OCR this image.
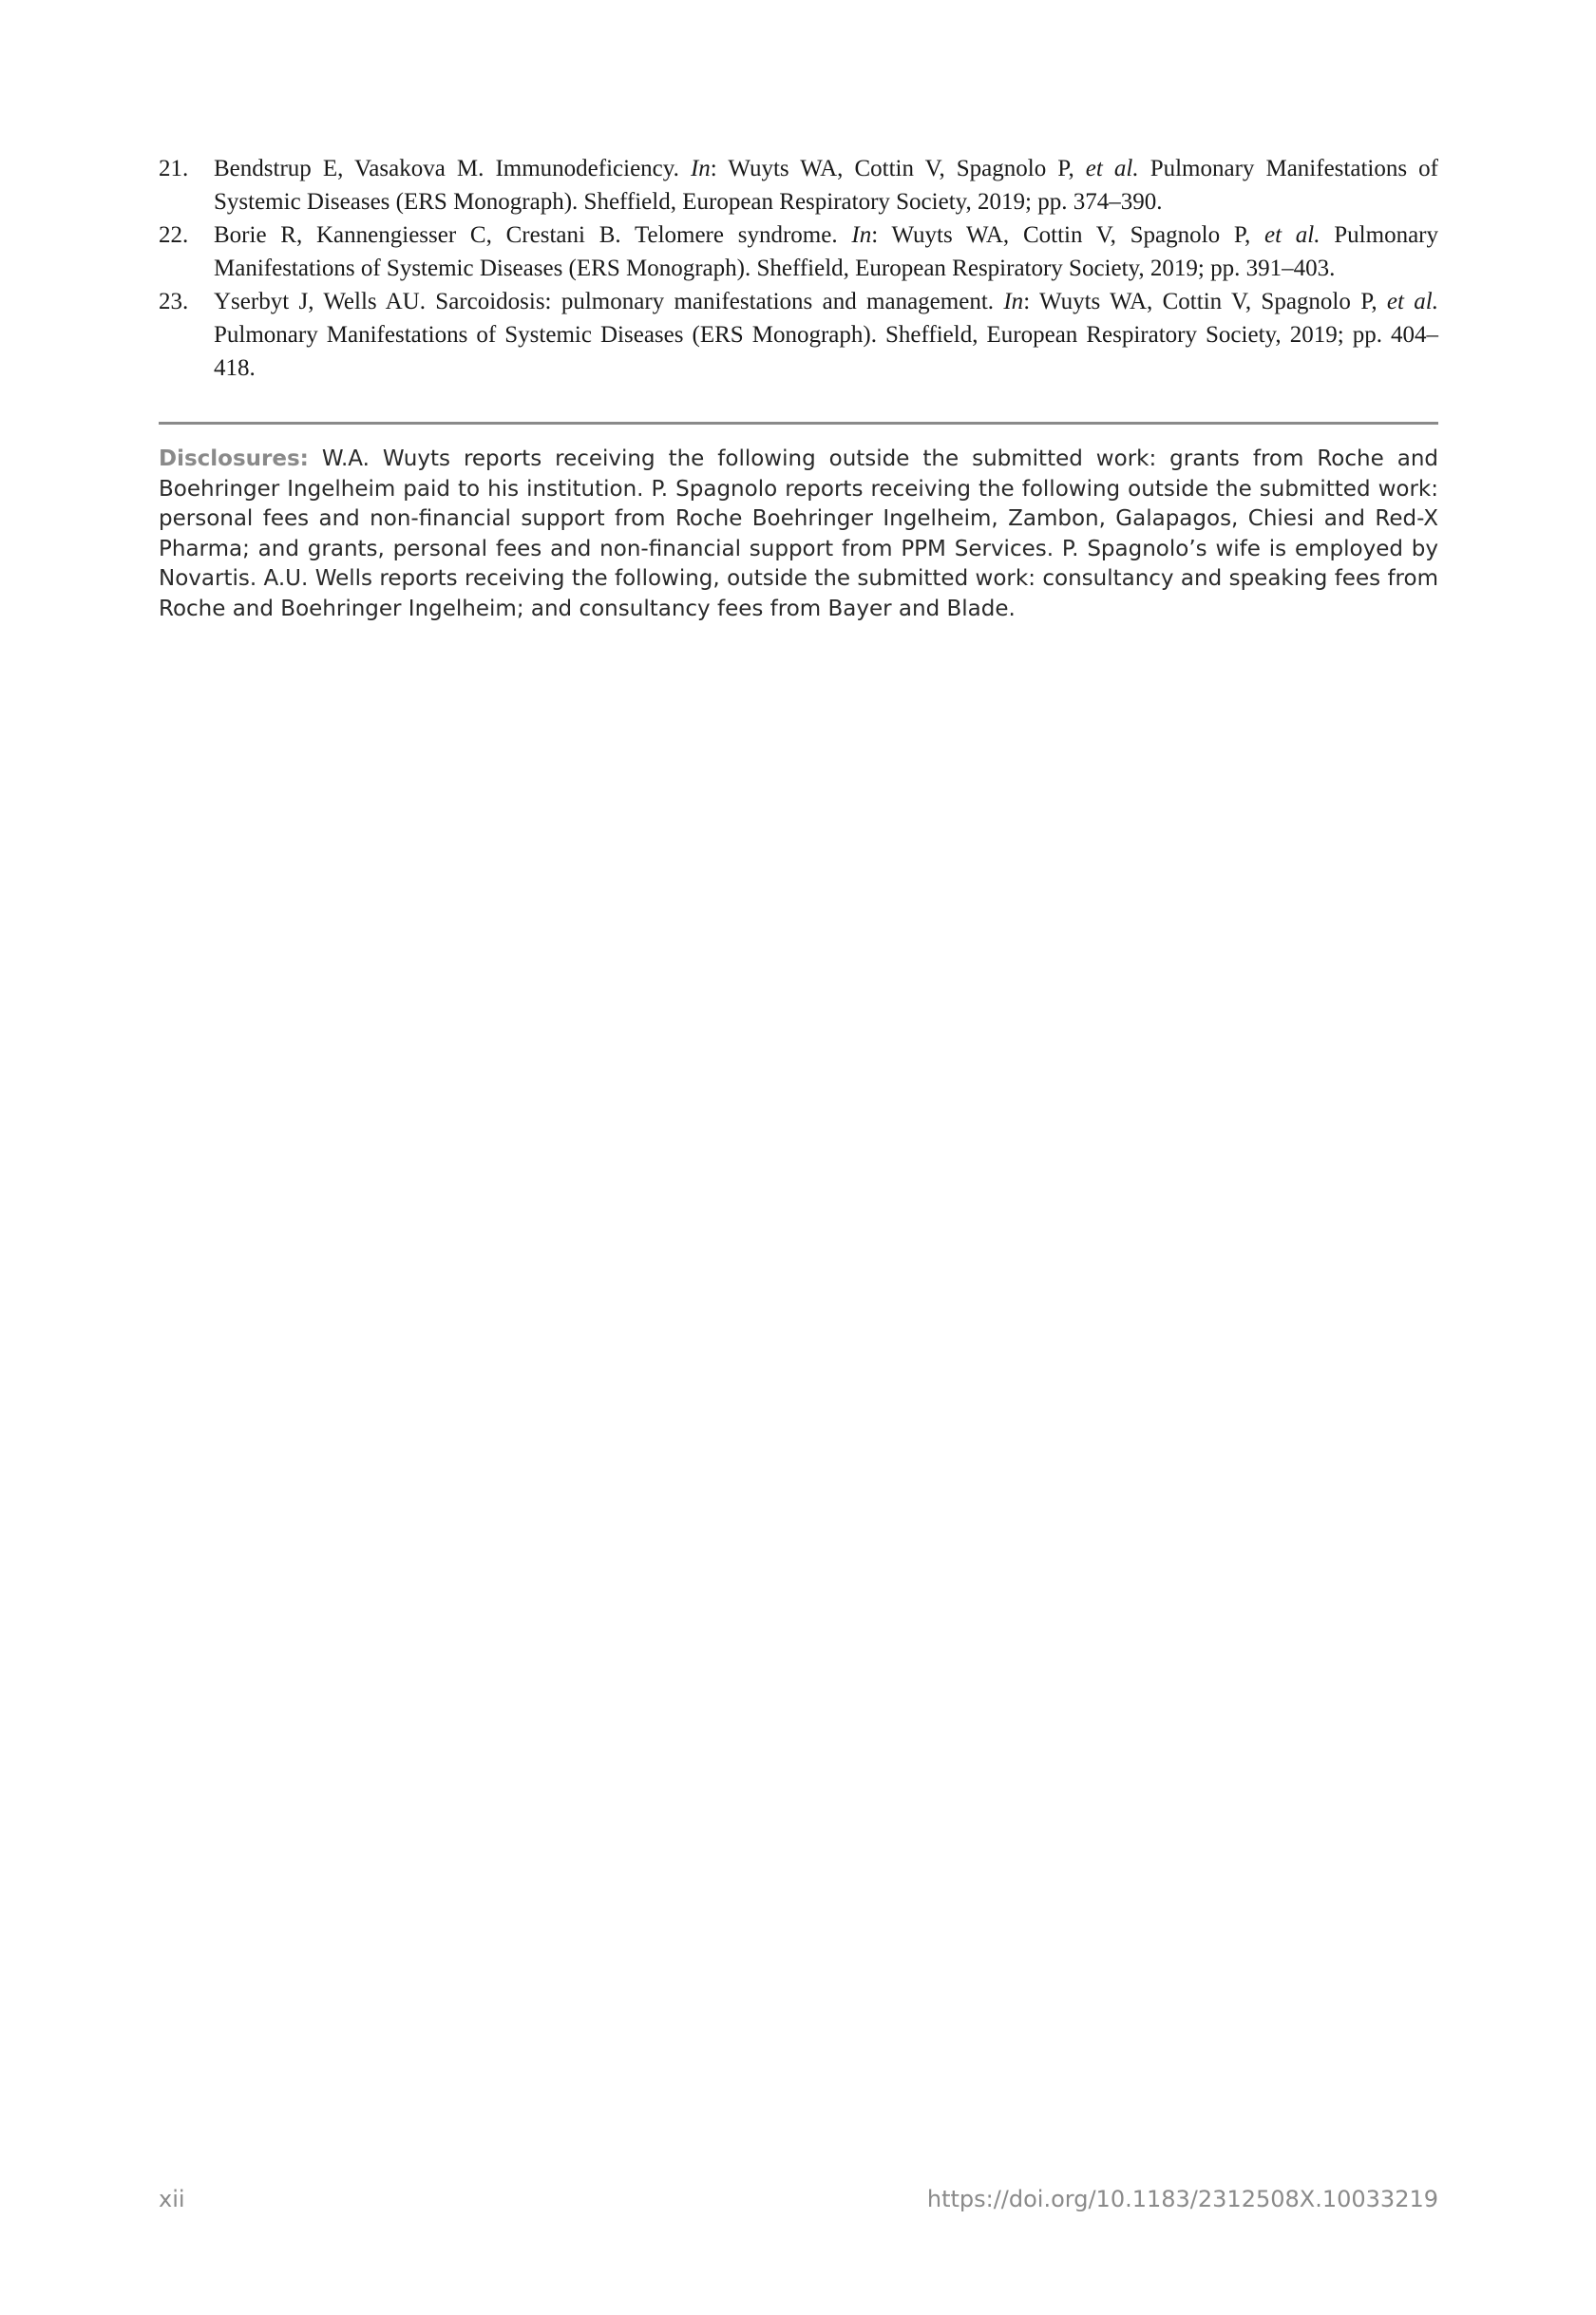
21. Bendstrup E, Vasakova M. Immunodeficiency. In: Wuyts WA, Cottin V, Spagnolo P, et al. Pulmonary Manifestations of Systemic Diseases (ERS Monograph). Sheffield, European Respiratory Society, 2019; pp. 374–390.
22. Borie R, Kannengiesser C, Crestani B. Telomere syndrome. In: Wuyts WA, Cottin V, Spagnolo P, et al. Pulmonary Manifestations of Systemic Diseases (ERS Monograph). Sheffield, European Respiratory Society, 2019; pp. 391–403.
23. Yserbyt J, Wells AU. Sarcoidosis: pulmonary manifestations and management. In: Wuyts WA, Cottin V, Spagnolo P, et al. Pulmonary Manifestations of Systemic Diseases (ERS Monograph). Sheffield, European Respiratory Society, 2019; pp. 404–418.

Disclosures: W.A. Wuyts reports receiving the following outside the submitted work: grants from Roche and Boehringer Ingelheim paid to his institution. P. Spagnolo reports receiving the following outside the submitted work: personal fees and non-financial support from Roche Boehringer Ingelheim, Zambon, Galapagos, Chiesi and Red-X Pharma; and grants, personal fees and non-financial support from PPM Services. P. Spagnolo’s wife is employed by Novartis. A.U. Wells reports receiving the following, outside the submitted work: consultancy and speaking fees from Roche and Boehringer Ingelheim; and consultancy fees from Bayer and Blade.

xii	https://doi.org/10.1183/2312508X.10033219
